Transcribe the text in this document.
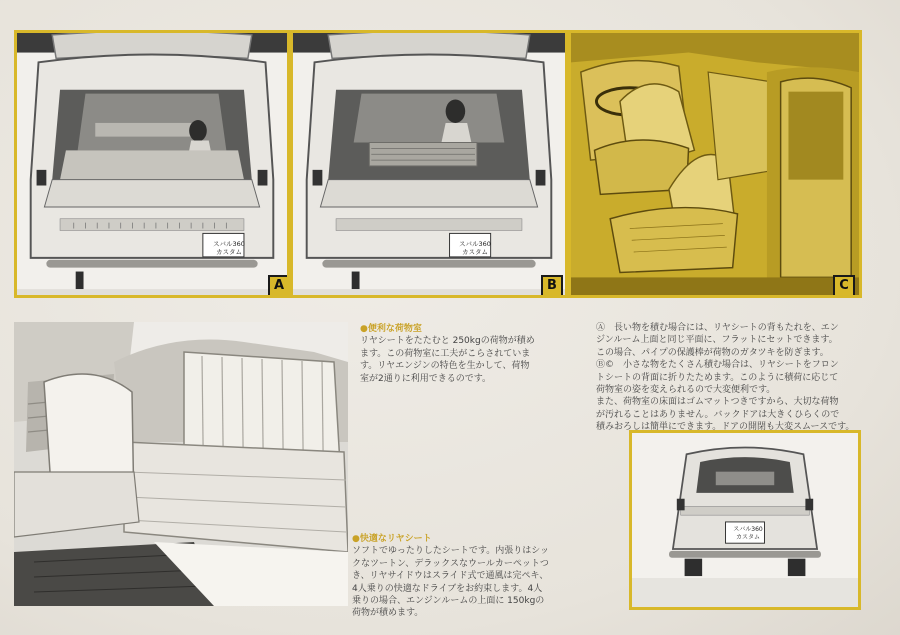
スバル360
カスタム
A
スバル360
カスタム
B	C
スバル360
カスタム
●便利な荷物室

リヤシートをたたむと 250kgの荷物が積め
ます。この荷物室に工夫がこらされていま
す。リヤエンジンの特色を生かして、荷物
室が2通りに利用できるのです。

Ⓐ　長い物を積む場合には、リヤシートの背もたれを、エン
ジンルーム上面と同じ平面に、フラットにセットできます。
この場合、パイプの保護棒が荷物のガタツキを防ぎます。

Ⓑ©　小さな物をたくさん積む場合は、リヤシートをフロン
トシートの背面に折りたためます。このように積荷に応じて
荷物室の姿を変えられるので大変便利です。
また、荷物室の床面はゴムマットつきですから、大切な荷物
が汚れることはありません。バックドアは大きくひらくので
積みおろしは簡単にできます。ドアの開閉も大変スムースです。

●快適なリヤシート

ソフトでゆったりしたシートです。内張りはシッ
クなツートン、デラックスなウールカーペットつ
き、リヤサイドウはスライド式で通風は完ペキ、
4人乗りの快適なドライブをお約束します。4人
乗りの場合、エンジンルームの上面に 150kgの
荷物が積めます。
